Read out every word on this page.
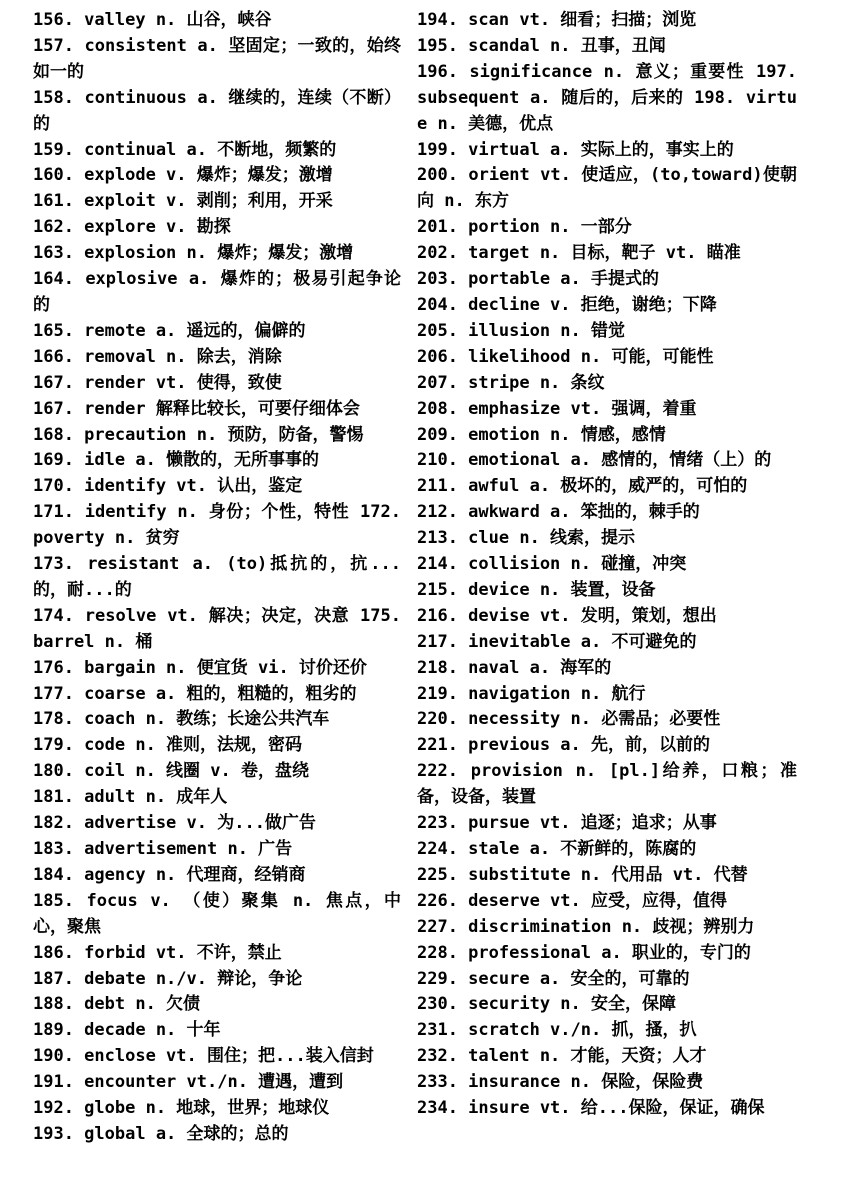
156. valley n. 山谷，峡谷

157. consistent a. 坚固定；一致的，始终如一的

158. continuous a. 继续的，连续（不断）的

159. continual a. 不断地，频繁的

160. explode v. 爆炸；爆发；激增

161. exploit v. 剥削；利用，开采

162. explore v. 勘探

163. explosion n. 爆炸；爆发；激增

164. explosive a. 爆炸的；极易引起争论的

165. remote a. 遥远的，偏僻的

166. removal n. 除去，消除

167. render vt. 使得，致使

167. render 解释比较长，可要仔细体会

168. precaution n. 预防，防备，警惕

169. idle a. 懒散的，无所事事的

170. identify vt. 认出，鉴定

171. identify n. 身份；个性，特性 172. poverty n. 贫穷

173. resistant a. (to)抵抗的，抗...的，耐...的

174. resolve vt. 解决；决定，决意 175. barrel n. 桶

176. bargain n. 便宜货 vi. 讨价还价

177. coarse a. 粗的，粗糙的，粗劣的

178. coach n. 教练；长途公共汽车

179. code n. 准则，法规，密码

180. coil n. 线圈 v. 卷，盘绕

181. adult n. 成年人

182. advertise v. 为...做广告

183. advertisement n. 广告

184. agency n. 代理商，经销商

185. focus v. （使）聚集 n. 焦点，中心，聚焦

186. forbid vt. 不许，禁止

187. debate n./v. 辩论，争论

188. debt n. 欠债

189. decade n. 十年

190. enclose vt. 围住；把...装入信封

191. encounter vt./n. 遭遇，遭到

192. globe n. 地球，世界；地球仪

193. global a. 全球的；总的

194. scan vt. 细看；扫描；浏览

195. scandal n. 丑事，丑闻

196. significance n. 意义；重要性 197. subsequent a. 随后的，后来的 198. virtue n. 美德，优点

199. virtual a. 实际上的，事实上的

200. orient vt. 使适应，(to,toward)使朝向 n. 东方

201. portion n. 一部分

202. target n. 目标，靶子 vt. 瞄准

203. portable a. 手提式的

204. decline v. 拒绝，谢绝；下降

205. illusion n. 错觉

206. likelihood n. 可能，可能性

207. stripe n. 条纹

208. emphasize vt. 强调，着重

209. emotion n. 情感，感情

210. emotional a. 感情的，情绪（上）的

211. awful a. 极坏的，威严的，可怕的

212. awkward a. 笨拙的，棘手的

213. clue n. 线索，提示

214. collision n. 碰撞，冲突

215. device n. 装置，设备

216. devise vt. 发明，策划，想出

217. inevitable a. 不可避免的

218. naval a. 海军的

219. navigation n. 航行

220. necessity n. 必需品；必要性

221. previous a. 先，前，以前的

222. provision n. [pl.]给养，口粮；准备，设备，装置

223. pursue vt. 追逐；追求；从事

224. stale a. 不新鲜的，陈腐的

225. substitute n. 代用品 vt. 代替

226. deserve vt. 应受，应得，值得

227. discrimination n. 歧视；辨别力

228. professional a. 职业的，专门的

229. secure a. 安全的，可靠的

230. security n. 安全，保障

231. scratch v./n. 抓，搔，扒

232. talent n. 才能，天资；人才

233. insurance n. 保险，保险费

234. insure vt. 给...保险，保证，确保
